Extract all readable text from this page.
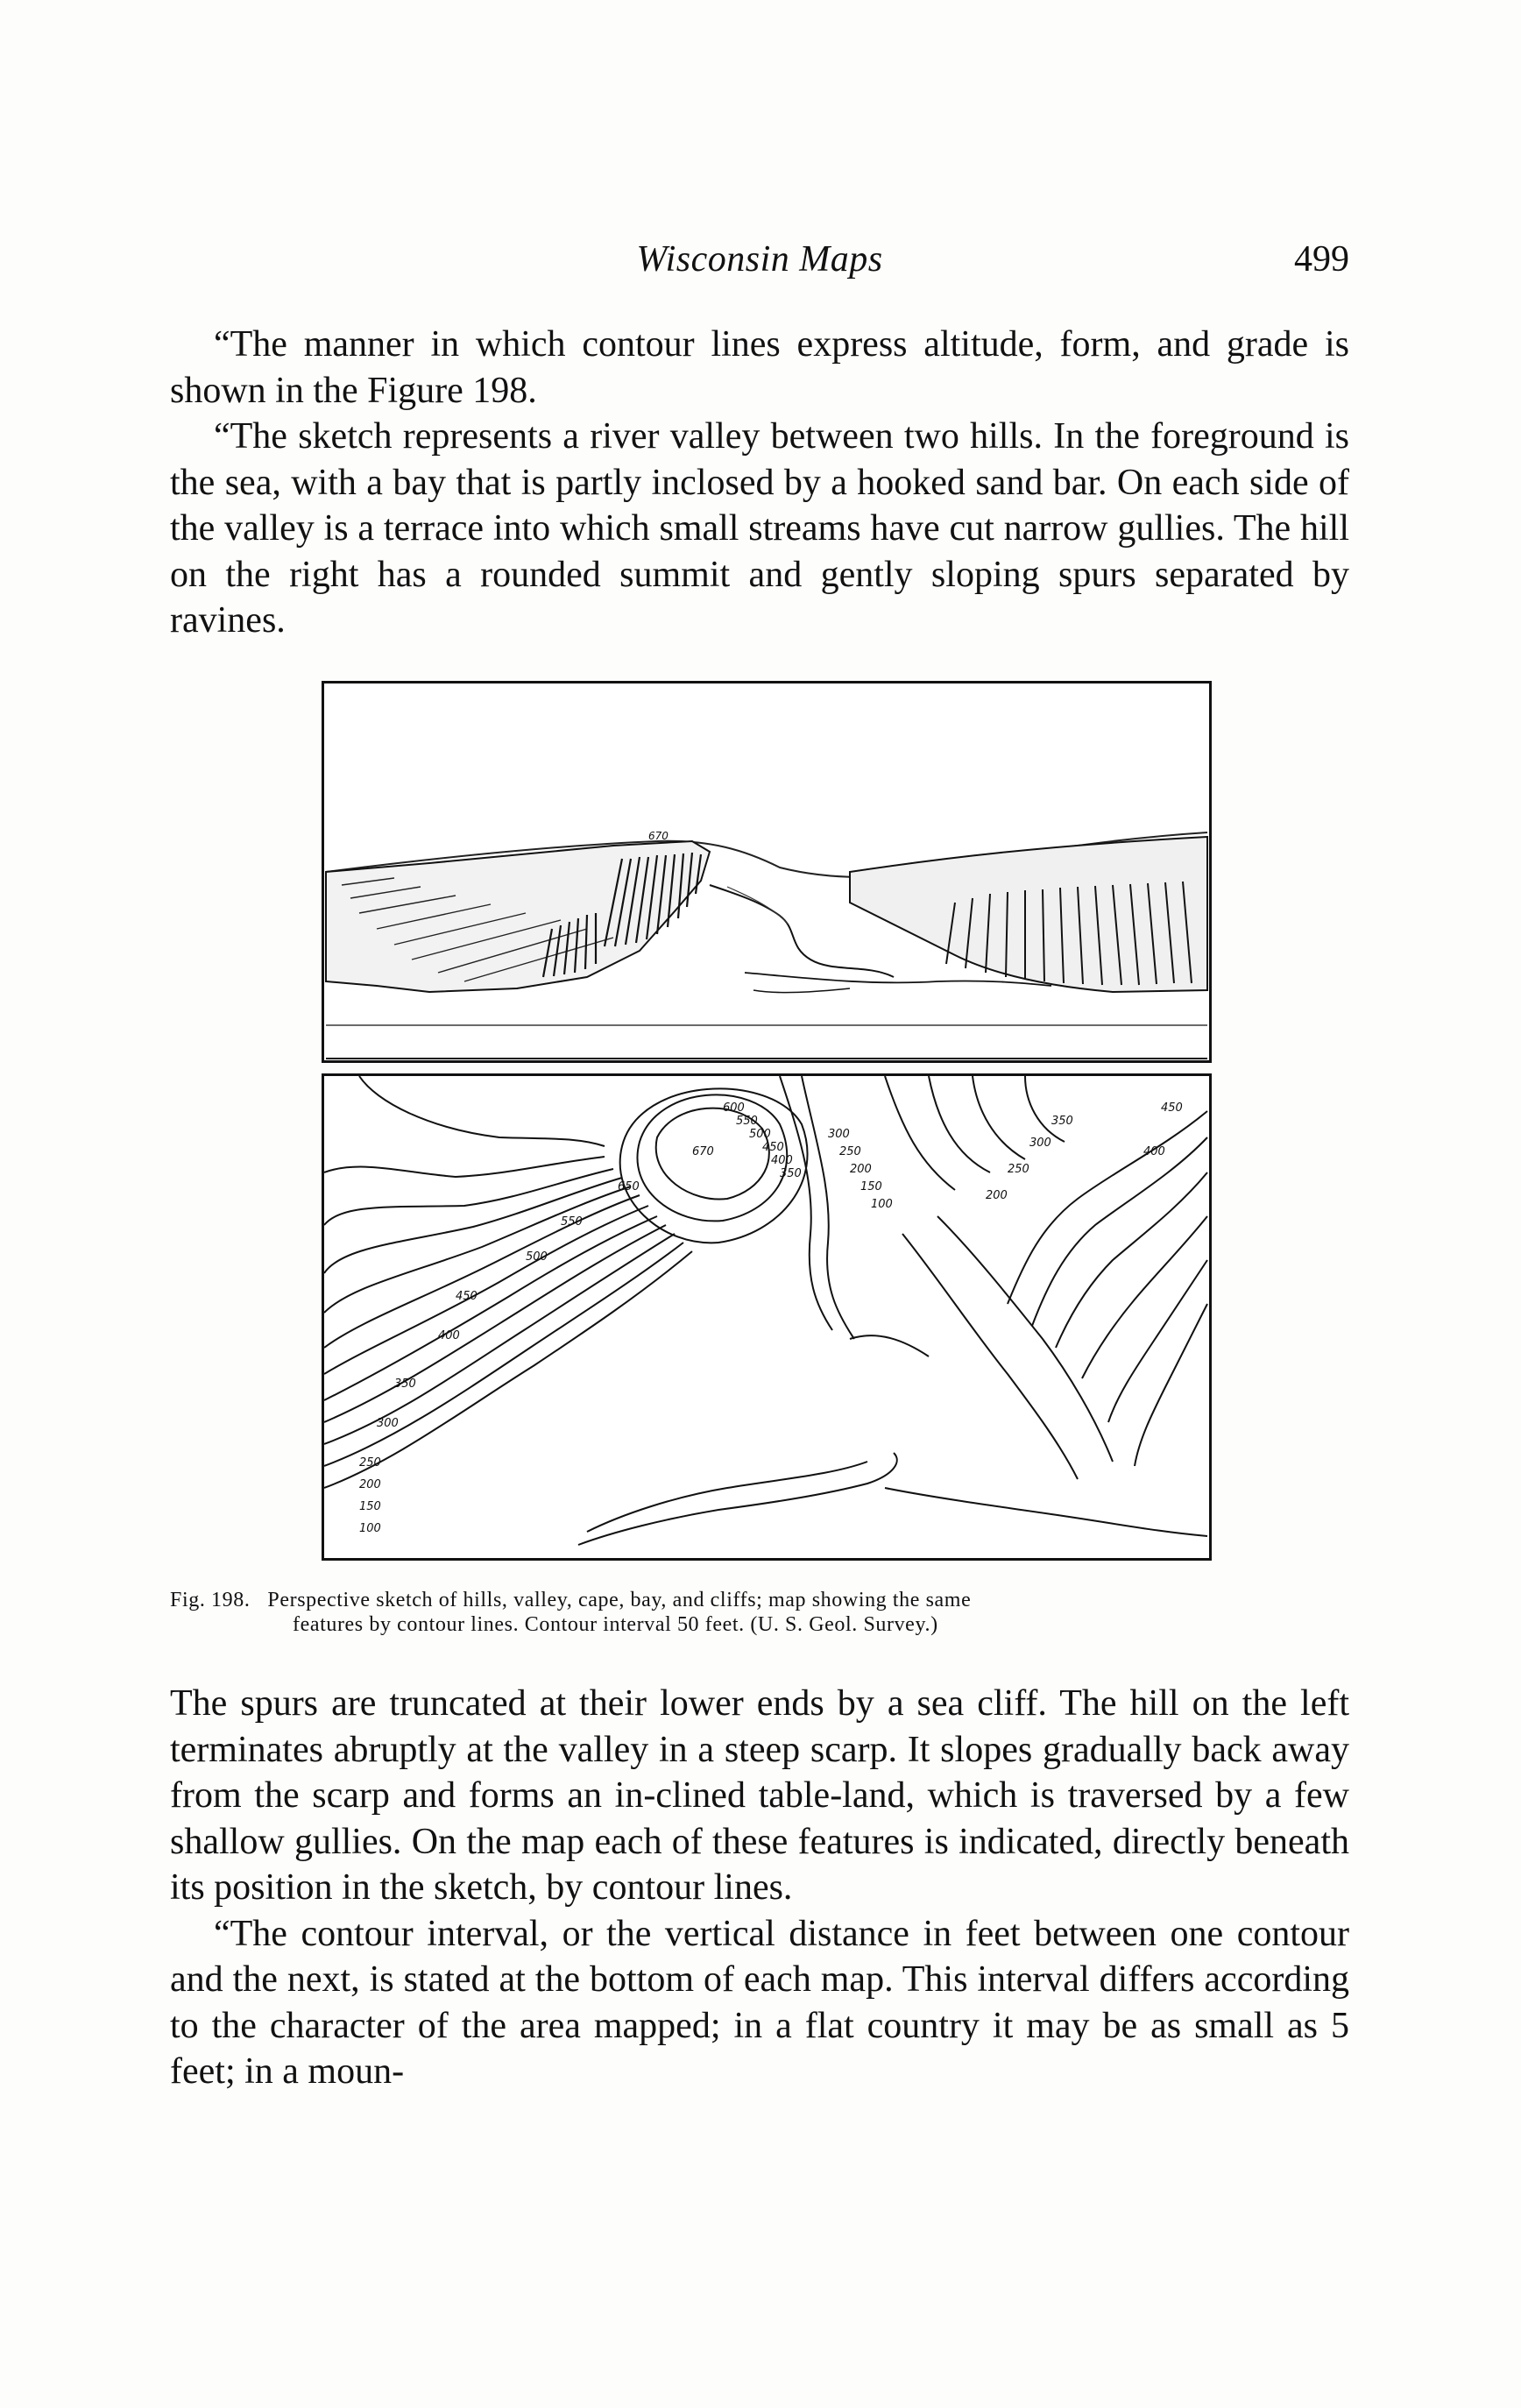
Wisconsin Maps	499

“The manner in which contour lines express altitude, form, and grade is shown in the Figure 198.

“The sketch represents a river valley between two hills. In the foreground is the sea, with a bay that is partly inclosed by a hooked sand bar. On each side of the valley is a terrace into which small streams have cut narrow gullies. The hill on the right has a rounded summit and gently sloping spurs separated by ravines.

670
100
150
200
250
300
350
400
450
500
550
650
670
600
550
500
450
400
350
300
250
200
150
100
200
250
300
350
400
450
Fig. 198. Perspective sketch of hills, valley, cape, bay, and cliffs; map showing the same
features by contour lines. Contour interval 50 feet. (U. S. Geol. Survey.)

The spurs are truncated at their lower ends by a sea cliff. The hill on the left terminates abruptly at the valley in a steep scarp. It slopes gradually back away from the scarp and forms an in-clined table-land, which is traversed by a few shallow gullies. On the map each of these features is indicated, directly beneath its position in the sketch, by contour lines.

“The contour interval, or the vertical distance in feet between one contour and the next, is stated at the bottom of each map. This interval differs according to the character of the area mapped; in a flat country it may be as small as 5 feet; in a moun-
